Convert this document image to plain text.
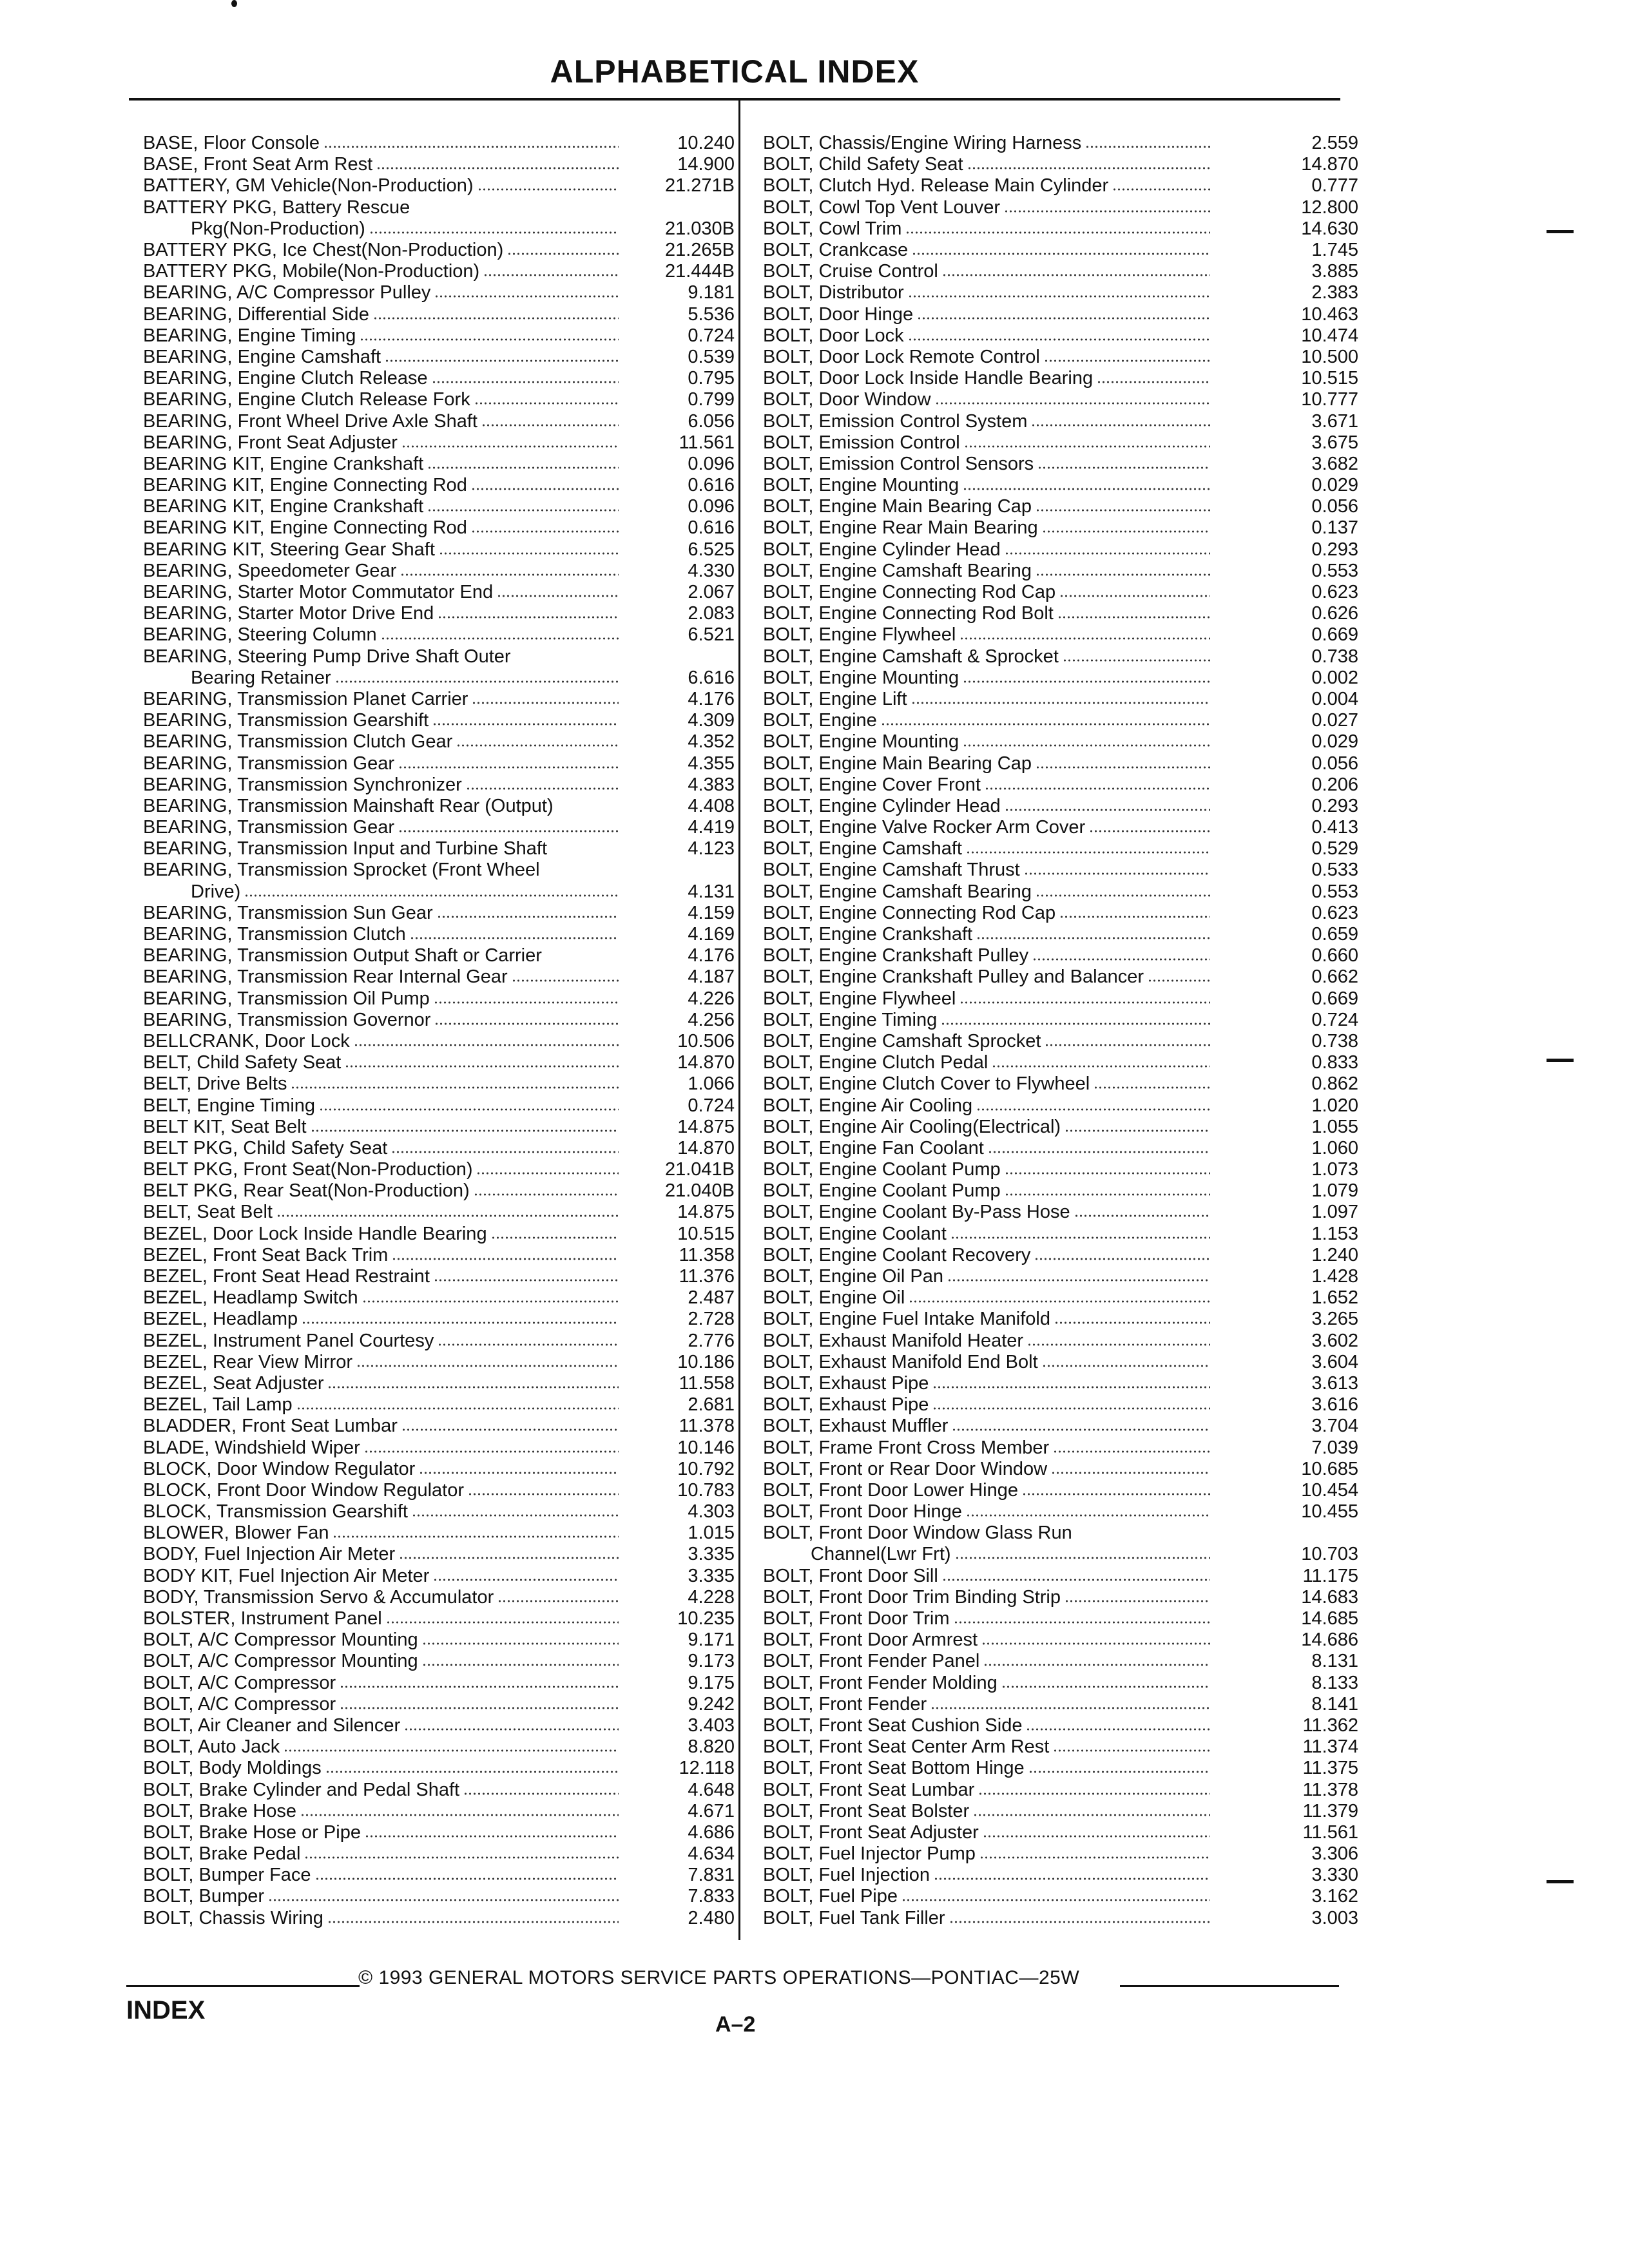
ALPHABETICAL INDEX
BASE, Floor Console	10.240
BASE, Front Seat Arm Rest	14.900
BATTERY, GM Vehicle(Non-Production)	21.271B
BATTERY PKG, Battery Rescue
Pkg(Non-Production)	21.030B
BATTERY PKG, Ice Chest(Non-Production)	21.265B
BATTERY PKG, Mobile(Non-Production)	21.444B
BEARING, A/C Compressor Pulley	9.181
BEARING, Differential Side	5.536
BEARING, Engine Timing	0.724
BEARING, Engine Camshaft	0.539
BEARING, Engine Clutch Release	0.795
BEARING, Engine Clutch Release Fork	0.799
BEARING, Front Wheel Drive Axle Shaft	6.056
BEARING, Front Seat Adjuster	11.561
BEARING KIT, Engine Crankshaft	0.096
BEARING KIT, Engine Connecting Rod	0.616
BEARING KIT, Engine Crankshaft	0.096
BEARING KIT, Engine Connecting Rod	0.616
BEARING KIT, Steering Gear Shaft	6.525
BEARING, Speedometer Gear	4.330
BEARING, Starter Motor Commutator End	2.067
BEARING, Starter Motor Drive End	2.083
BEARING, Steering Column	6.521
BEARING, Steering Pump Drive Shaft Outer
Bearing Retainer	6.616
BEARING, Transmission Planet Carrier	4.176
BEARING, Transmission Gearshift	4.309
BEARING, Transmission Clutch Gear	4.352
BEARING, Transmission Gear	4.355
BEARING, Transmission Synchronizer	4.383
BEARING, Transmission Mainshaft Rear (Output)	4.408
BEARING, Transmission Gear	4.419
BEARING, Transmission Input and Turbine Shaft	4.123
BEARING, Transmission Sprocket (Front Wheel
Drive)	4.131
BEARING, Transmission Sun Gear	4.159
BEARING, Transmission Clutch	4.169
BEARING, Transmission Output Shaft or Carrier	4.176
BEARING, Transmission Rear Internal Gear	4.187
BEARING, Transmission Oil Pump	4.226
BEARING, Transmission Governor	4.256
BELLCRANK, Door Lock	10.506
BELT, Child Safety Seat	14.870
BELT, Drive Belts	1.066
BELT, Engine Timing	0.724
BELT KIT, Seat Belt	14.875
BELT PKG, Child Safety Seat	14.870
BELT PKG, Front Seat(Non-Production)	21.041B
BELT PKG, Rear Seat(Non-Production)	21.040B
BELT, Seat Belt	14.875
BEZEL, Door Lock Inside Handle Bearing	10.515
BEZEL, Front Seat Back Trim	11.358
BEZEL, Front Seat Head Restraint	11.376
BEZEL, Headlamp Switch	2.487
BEZEL, Headlamp	2.728
BEZEL, Instrument Panel Courtesy	2.776
BEZEL, Rear View Mirror	10.186
BEZEL, Seat Adjuster	11.558
BEZEL, Tail Lamp	2.681
BLADDER, Front Seat Lumbar	11.378
BLADE, Windshield Wiper	10.146
BLOCK, Door Window Regulator	10.792
BLOCK, Front Door Window Regulator	10.783
BLOCK, Transmission Gearshift	4.303
BLOWER, Blower Fan	1.015
BODY, Fuel Injection Air Meter	3.335
BODY KIT, Fuel Injection Air Meter	3.335
BODY, Transmission Servo & Accumulator	4.228
BOLSTER, Instrument Panel	10.235
BOLT, A/C Compressor Mounting	9.171
BOLT, A/C Compressor Mounting	9.173
BOLT, A/C Compressor	9.175
BOLT, A/C Compressor	9.242
BOLT, Air Cleaner and Silencer	3.403
BOLT, Auto Jack	8.820
BOLT, Body Moldings	12.118
BOLT, Brake Cylinder and Pedal Shaft	4.648
BOLT, Brake Hose	4.671
BOLT, Brake Hose or Pipe	4.686
BOLT, Brake Pedal	4.634
BOLT, Bumper Face	7.831
BOLT, Bumper	7.833
BOLT, Chassis Wiring	2.480
BOLT, Chassis/Engine Wiring Harness	2.559
BOLT, Child Safety Seat	14.870
BOLT, Clutch Hyd. Release Main Cylinder	0.777
BOLT, Cowl Top Vent Louver	12.800
BOLT, Cowl Trim	14.630
BOLT, Crankcase	1.745
BOLT, Cruise Control	3.885
BOLT, Distributor	2.383
BOLT, Door Hinge	10.463
BOLT, Door Lock	10.474
BOLT, Door Lock Remote Control	10.500
BOLT, Door Lock Inside Handle Bearing	10.515
BOLT, Door Window	10.777
BOLT, Emission Control System	3.671
BOLT, Emission Control	3.675
BOLT, Emission Control Sensors	3.682
BOLT, Engine Mounting	0.029
BOLT, Engine Main Bearing Cap	0.056
BOLT, Engine Rear Main Bearing	0.137
BOLT, Engine Cylinder Head	0.293
BOLT, Engine Camshaft Bearing	0.553
BOLT, Engine Connecting Rod Cap	0.623
BOLT, Engine Connecting Rod Bolt	0.626
BOLT, Engine Flywheel	0.669
BOLT, Engine Camshaft & Sprocket	0.738
BOLT, Engine Mounting	0.002
BOLT, Engine Lift	0.004
BOLT, Engine	0.027
BOLT, Engine Mounting	0.029
BOLT, Engine Main Bearing Cap	0.056
BOLT, Engine Cover Front	0.206
BOLT, Engine Cylinder Head	0.293
BOLT, Engine Valve Rocker Arm Cover	0.413
BOLT, Engine Camshaft	0.529
BOLT, Engine Camshaft Thrust	0.533
BOLT, Engine Camshaft Bearing	0.553
BOLT, Engine Connecting Rod Cap	0.623
BOLT, Engine Crankshaft	0.659
BOLT, Engine Crankshaft Pulley	0.660
BOLT, Engine Crankshaft Pulley and Balancer	0.662
BOLT, Engine Flywheel	0.669
BOLT, Engine Timing	0.724
BOLT, Engine Camshaft Sprocket	0.738
BOLT, Engine Clutch Pedal	0.833
BOLT, Engine Clutch Cover to Flywheel	0.862
BOLT, Engine Air Cooling	1.020
BOLT, Engine Air Cooling(Electrical)	1.055
BOLT, Engine Fan Coolant	1.060
BOLT, Engine Coolant Pump	1.073
BOLT, Engine Coolant Pump	1.079
BOLT, Engine Coolant By-Pass Hose	1.097
BOLT, Engine Coolant	1.153
BOLT, Engine Coolant Recovery	1.240
BOLT, Engine Oil Pan	1.428
BOLT, Engine Oil	1.652
BOLT, Engine Fuel Intake Manifold	3.265
BOLT, Exhaust Manifold Heater	3.602
BOLT, Exhaust Manifold End Bolt	3.604
BOLT, Exhaust Pipe	3.613
BOLT, Exhaust Pipe	3.616
BOLT, Exhaust Muffler	3.704
BOLT, Frame Front Cross Member	7.039
BOLT, Front or Rear Door Window	10.685
BOLT, Front Door Lower Hinge	10.454
BOLT, Front Door Hinge	10.455
BOLT, Front Door Window Glass Run
Channel(Lwr Frt)	10.703
BOLT, Front Door Sill	11.175
BOLT, Front Door Trim Binding Strip	14.683
BOLT, Front Door Trim	14.685
BOLT, Front Door Armrest	14.686
BOLT, Front Fender Panel	8.131
BOLT, Front Fender Molding	8.133
BOLT, Front Fender	8.141
BOLT, Front Seat Cushion Side	11.362
BOLT, Front Seat Center Arm Rest	11.374
BOLT, Front Seat Bottom Hinge	11.375
BOLT, Front Seat Lumbar	11.378
BOLT, Front Seat Bolster	11.379
BOLT, Front Seat Adjuster	11.561
BOLT, Fuel Injector Pump	3.306
BOLT, Fuel Injection	3.330
BOLT, Fuel Pipe	3.162
BOLT, Fuel Tank Filler	3.003
© 1993 GENERAL MOTORS SERVICE PARTS OPERATIONS—PONTIAC—25W
INDEX	A–2
